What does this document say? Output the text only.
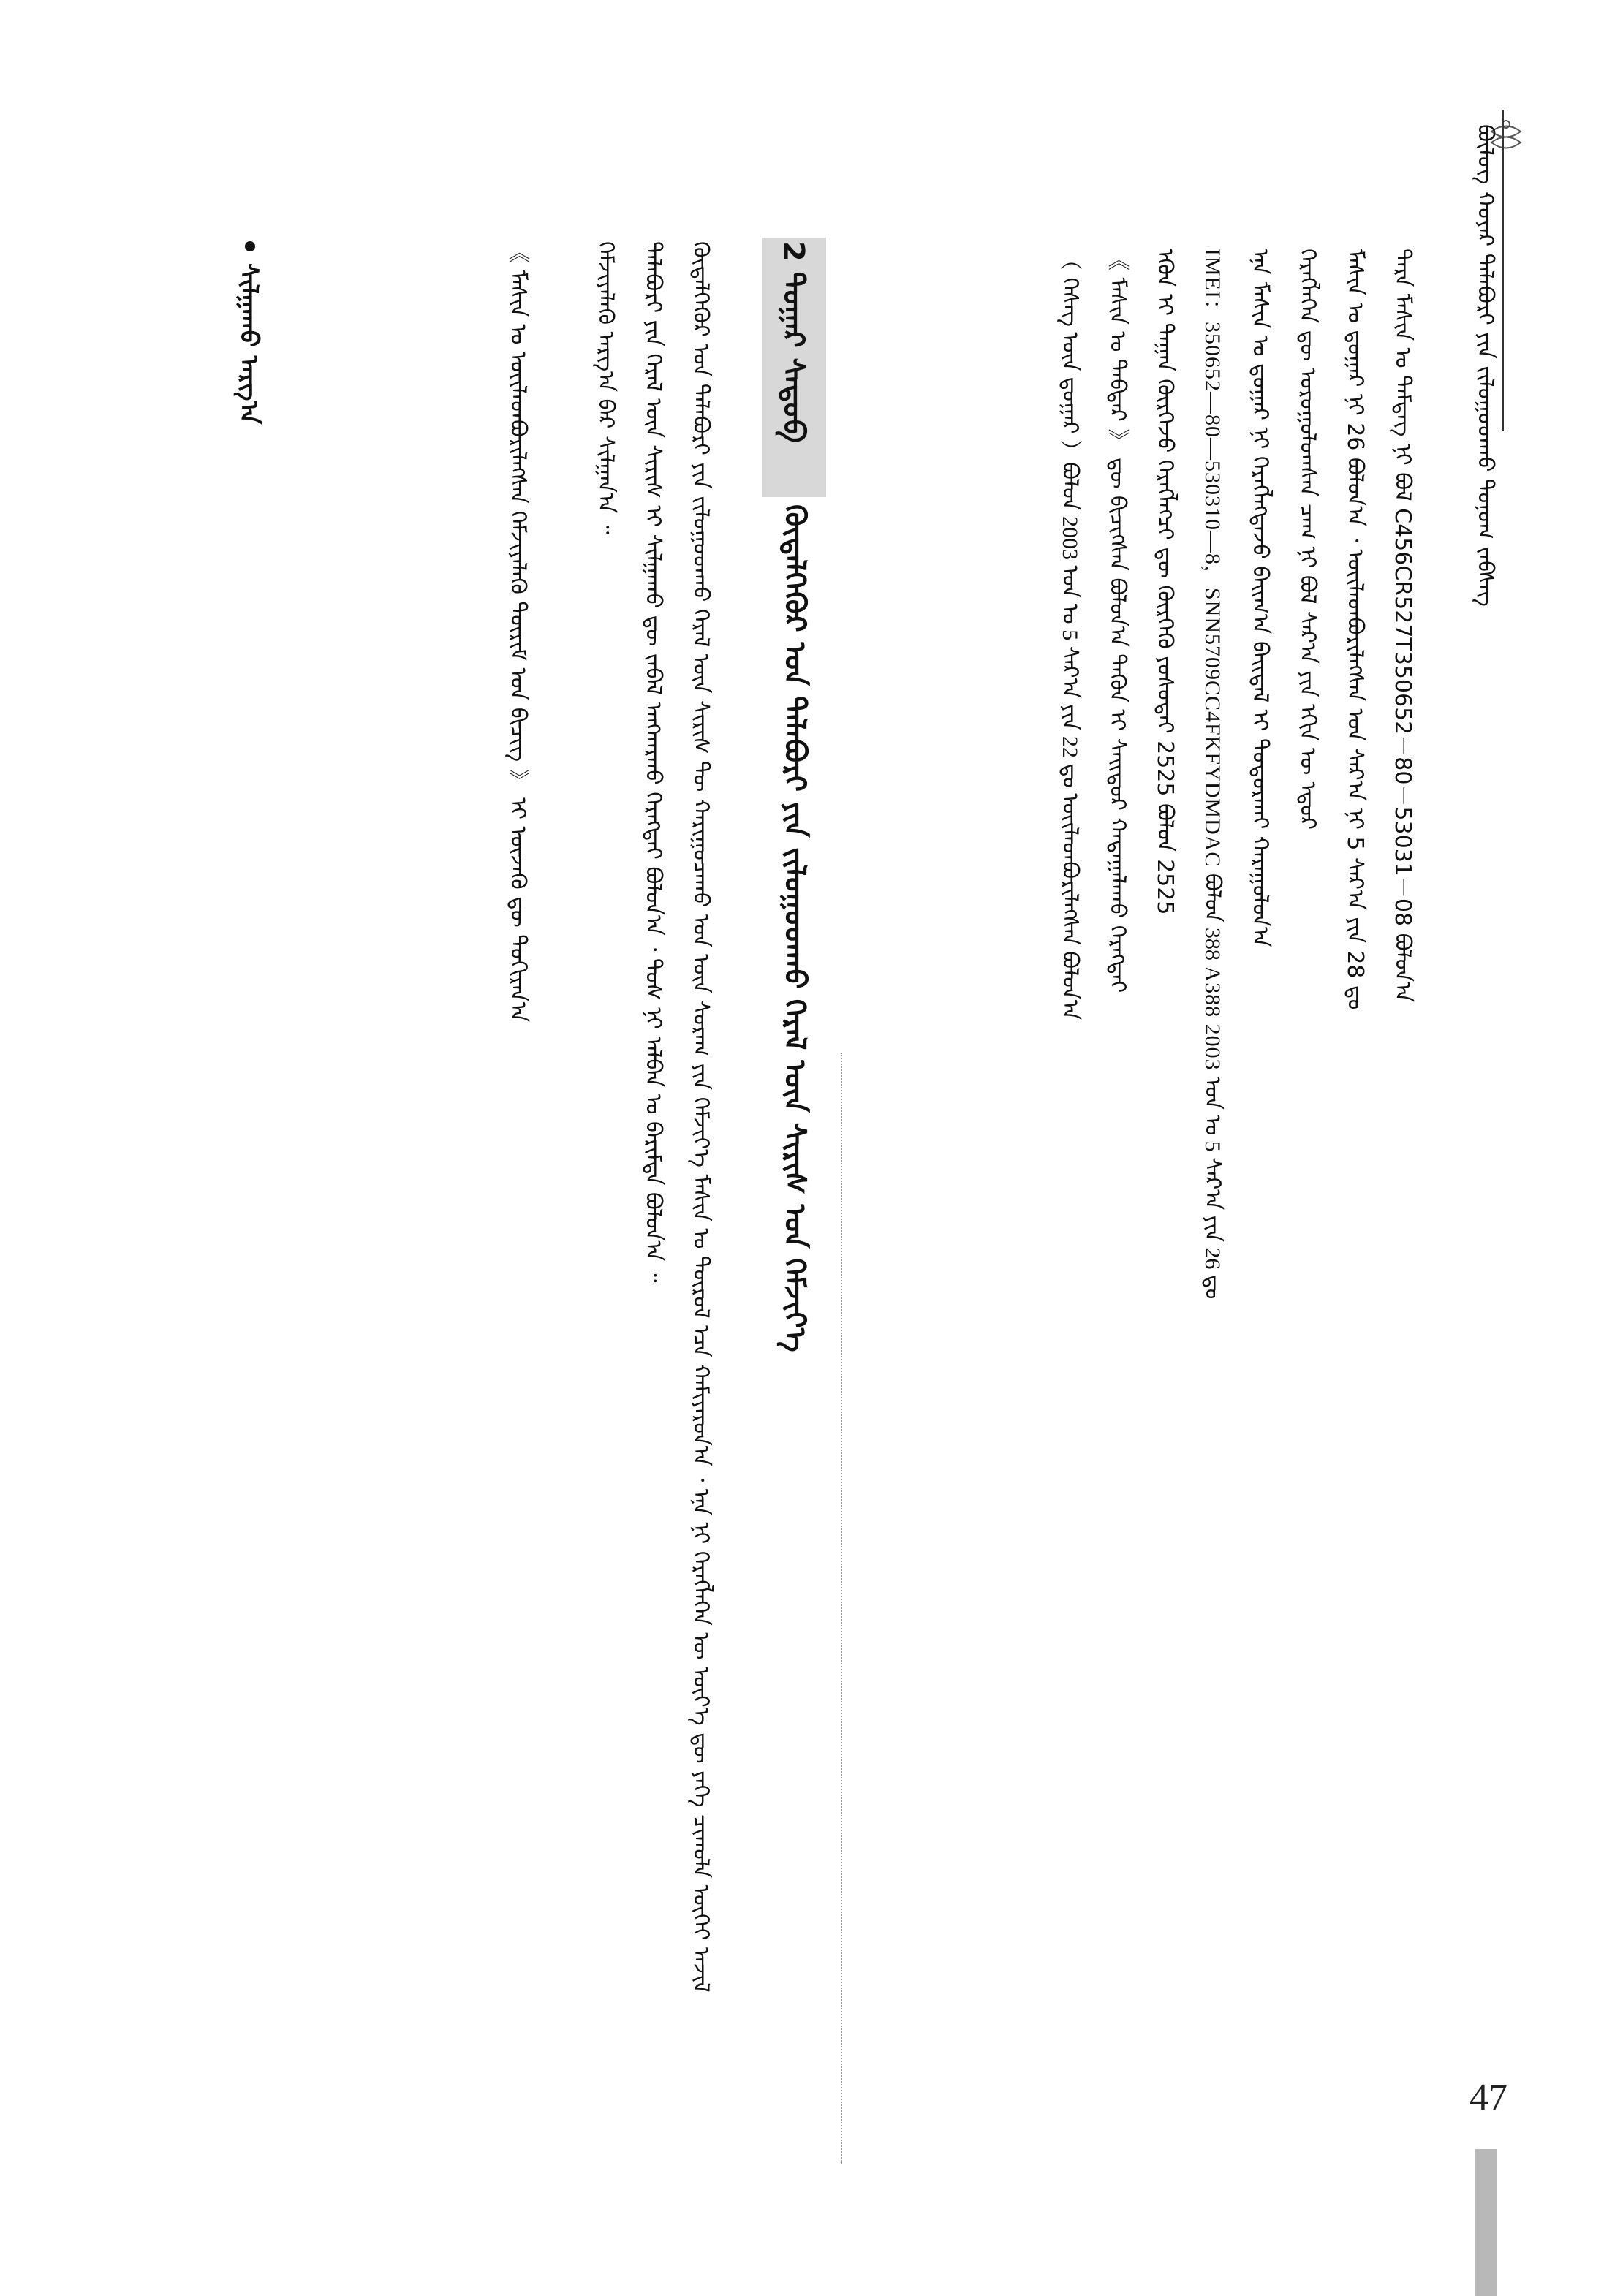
ᠪᠦᠯᠦᠭ ᠬᠣᠶᠠᠷ ᠲᠠᠯᠠᠪᠤᠷᠢ ᠶᠢᠨ ᠵᠢᠯᠤᠭᠣᠳᠬᠤ ᠲᠣᠨᠣᠭ ᠵᠡᠪᠰᠡᠭ
ᠲᠡᠷᠡ ᠮᠠᠰᠢᠨ ᠤ ᠲᠡᠮᠳᠡᠭ ᠨᠢ ᠪᠣᠯ C456CR527T350652－80－53031－08 ᠪᠣᠯᠤᠨ᠎ᠠ
ᠮᠠᠰᠢᠨ ᠤ ᠳ᠋ᠤᠭᠠᠷ ᠨᠢ 26 ᠪᠣᠯᠤᠨ᠎ᠠ ᠂ ᠦᠢᠯᠡᠳᠪᠦᠷᠢᠯᠡᠭᠰᠡᠨ ᠣᠨ ᠰᠠᠷ᠎ᠠ ᠨᠢ 5 ᠰᠠᠷ᠎ᠠ ᠶᠢᠨ 28 ᠳᠤ
ᠬᠡᠷᠡᠭᠯᠡᠭᠡᠨ ᠳᠦ ᠣᠷᠣᠭᠣᠯᠤᠭᠰᠠᠨ ᠴᠠᠭ ᠨᠢ ᠪᠣᠯ ᠰᠠᠷ᠎ᠠ ᠶᠢᠨ ᠡᠬᠢᠨ ᠦ ᠡᠳᠦᠷ
ᠡᠨᠡ ᠮᠠᠰᠢᠨ ᠤ ᠳ᠋ᠤᠭᠠᠷ ᠨᠢ ᠬᠡᠷᠡᠭᠯᠡᠭᠳᠡᠵᠦ ᠪᠠᠢᠭ᠎ᠠ ᠪᠠᠢᠳᠠᠯ ᠢ ᠲᠣᠳᠣᠷᠬᠠᠢ ᠬᠠᠷᠠᠭᠤᠯᠤᠨ᠎ᠠ
IMEI：350652—80—530310—8，SNN5709CC4FKFYDMDAC ᠪᠣᠯᠣᠨ 388 A388 2003 ᠣᠨ ᠤ 5 ᠰᠠᠷ᠎ᠠ ᠶᠢᠨ 26 ᠳᠤ
ᠡᠭᠦᠨ ᠢ ᠳᠠᠭᠠᠨ ᠬᠦᠷᠭᠡᠵᠦ ᠬᠡᠷᠡᠭᠯᠡᠭᠴᠢ ᠳᠦ ᠬᠦᠷᠭᠡᠬᠦ ᠶᠣᠰᠣᠲᠠᠢ 2525 ᠪᠣᠯᠣᠨ 2525
《 ᠮᠠᠰᠢᠨ ᠤ ᠳᠡᠪᠲᠡᠷ 》 ᠳᠦ ᠪᠢᠴᠢᠭᠰᠡᠨ ᠪᠣᠯᠤᠨ᠎ᠠ ᠲᠡᠭᠦᠨ ᠢ ᠰᠠᠢᠲᠤᠷ ᠬᠠᠳᠠᠭᠠᠯᠠᠬᠤ ᠬᠡᠷᠡᠭᠲᠡᠢ
（ ᠬᠡᠰᠡᠭ ᠦᠨ ᠳ᠋ᠤᠭᠠᠷ ）ᠪᠣᠯᠣᠨ 2003 ᠣᠨ ᠤ 5 ᠰᠠᠷ᠎ᠠ ᠶᠢᠨ 22 ᠳᠤ ᠦᠢᠯᠡᠳᠪᠦᠷᠢᠯᠡᠭᠰᠡᠨ ᠪᠣᠯᠤᠨ᠎ᠠ
2 ᠳᠤᠭᠠᠷ ᠰᠡᠳᠦᠪ
ᠬᠥᠳᠡᠯᠭᠡᠭᠦᠷ ᠤᠨ ᠲᠠᠯᠠᠪᠤᠷᠢ ᠶᠢᠨ ᠵᠢᠯᠤᠭᠣᠳᠬᠤ ᠭᠡᠷᠡᠯ ᠦᠨ ᠰᠢᠷᠢᠰ ᠤᠨ ᠬᠡᠮᠵᠢᠶ᠎ᠡ
ᠬᠥᠳᠡᠯᠭᠡᠭᠦᠷ ᠤᠨ ᠲᠠᠯᠠᠪᠤᠷᠢ ᠶᠢᠨ ᠵᠢᠯᠤᠭᠣᠳᠬᠤ ᠭᠡᠷᠡᠯ ᠦᠨ ᠰᠢᠷᠢᠰ ᠲᠦ ᠬᠠᠷᠢᠭᠤᠴᠠᠬᠤ ᠡᠳ ᠦᠨ ᠰᠤᠷᠠᠭ ᠶᠢᠨ ᠬᠡᠮᠵᠢᠶ᠎ᠡ ᠮᠠᠰᠢᠨ ᠤ ᠲᠥᠷᠥᠯ ᠡᠴᠡ ᠬᠠᠮᠢᠶᠠᠷᠤᠨ᠎ᠠ ᠂ ᠡᠨᠡ ᠨᠢ ᠬᠡᠷᠡᠭᠯᠡᠭᠡᠨ ᠦ ᠦᠶ᠎ᠡ ᠳᠦ ᠶᠡᠬᠡ ᠴᠢᠬᠤᠯᠠ ᠦᠭᠡᠢ ᠠᠵᠢᠯ
ᠲᠠᠯᠠᠪᠤᠷᠢ ᠶᠢᠨ ᠭᠡᠷᠡᠯ ᠦᠨ ᠰᠢᠷᠢᠰ ᠢ ᠰᠢᠯᠭᠠᠬᠤ ᠳᠦ ᠵᠠᠪᠠᠯ ᠠᠩᠬᠠᠷᠬᠤ ᠬᠡᠷᠡᠭᠲᠡᠢ ᠪᠣᠯᠤᠨ᠎ᠠ ᠂ ᠲᠣᠰ ᠨᠢ ᠠᠯᠪᠠᠨ ᠤ ᠪᠠᠷᠢᠮᠲᠠ ᠪᠣᠯᠤᠨ᠎ᠠ ᠃
ᠬᠡᠮᠵᠢᠶᠡᠯᠡᠬᠦ ᠠᠷᠭ᠎ᠠ ᠪᠠᠷ ᠰᠢᠯᠭᠠᠨ᠎ᠠ ᠃
《 ᠮᠠᠰᠢᠨ ᠤ ᠦᠢᠯᠡᠳᠪᠦᠷᠢᠯᠡᠭᠰᠡᠨ ᠬᠡᠮᠵᠢᠶᠡᠯᠡᠬᠦ ᠳᠦᠷᠢᠮ ᠤᠨ ᠪᠢᠴᠢᠭ 》 ᠢ ᠦᠵᠡᠬᠦ ᠳᠦ ᠲᠣᠬᠢᠷᠠᠨ᠎ᠠ
ᠰᠢᠯᠭᠠᠬᠤ ᠠᠷᠭ᠎ᠠ
47
